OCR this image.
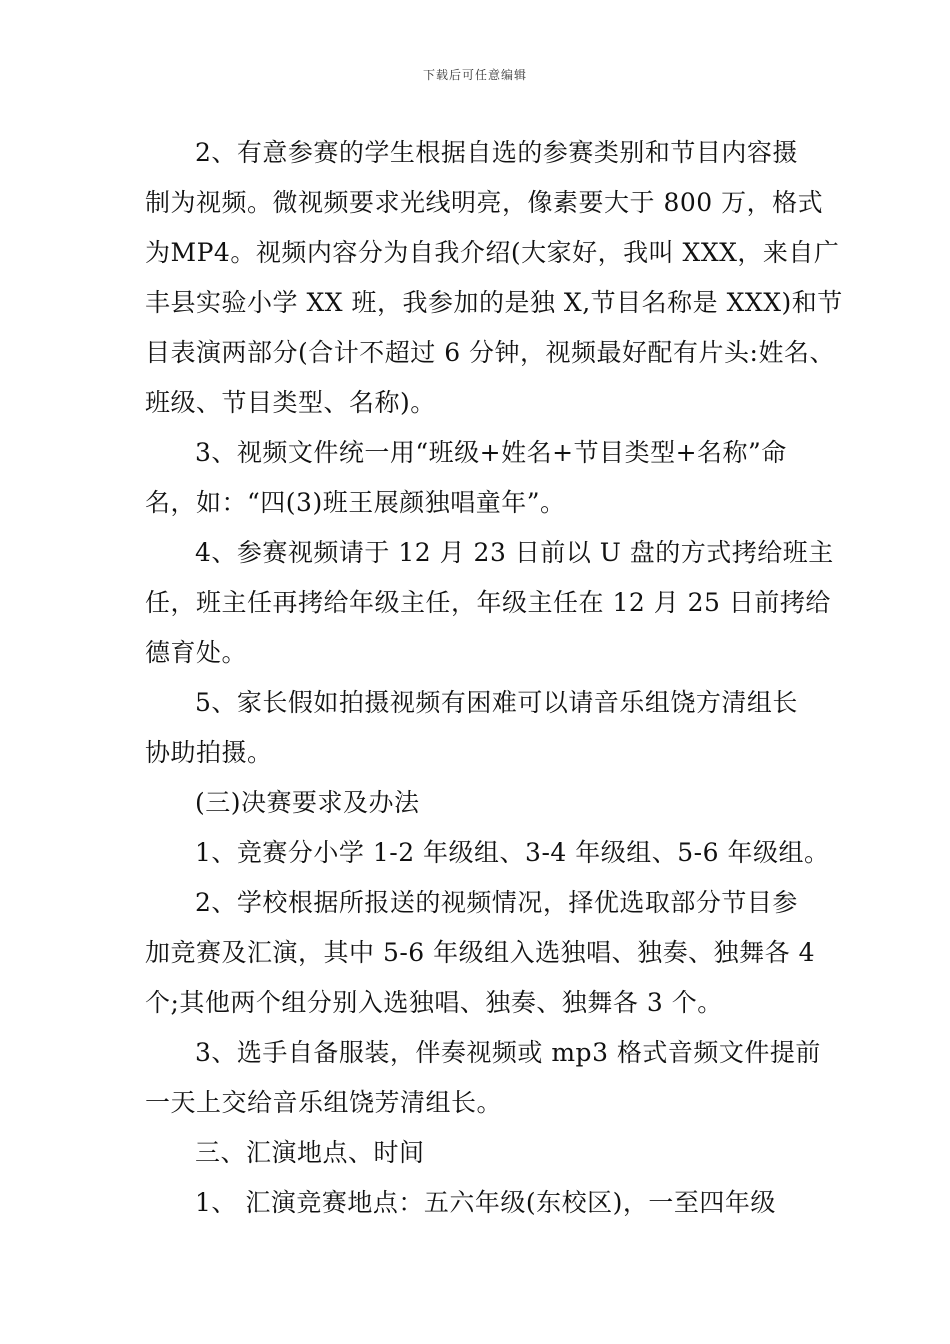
下载后可任意编辑
2、有意参赛的学生根据自选的参赛类别和节目内容摄
制为视频。微视频要求光线明亮，像素要大于 800 万，格式
为MP4。视频内容分为自我介绍(大家好，我叫 XXX，来自广
丰县实验小学 XX 班，我参加的是独 X,节目名称是 XXX)和节
目表演两部分(合计不超过 6 分钟，视频最好配有片头:姓名、
班级、节目类型、名称)。
3、视频文件统一用“班级+姓名+节目类型+名称”命
名，如：“四(3)班王展颜独唱童年”。
4、参赛视频请于 12 月 23 日前以 U 盘的方式拷给班主
任，班主任再拷给年级主任，年级主任在 12 月 25 日前拷给
德育处。
5、家长假如拍摄视频有困难可以请音乐组饶方清组长
协助拍摄。
(三)决赛要求及办法
1、竞赛分小学 1-2 年级组、3-4 年级组、5-6 年级组。
2、学校根据所报送的视频情况，择优选取部分节目参
加竞赛及汇演，其中 5-6 年级组入选独唱、独奏、独舞各 4
个;其他两个组分别入选独唱、独奏、独舞各 3 个。
3、选手自备服装，伴奏视频或 mp3 格式音频文件提前
一天上交给音乐组饶芳清组长。
三、汇演地点、时间
1、 汇演竞赛地点：五六年级(东校区)，一至四年级
